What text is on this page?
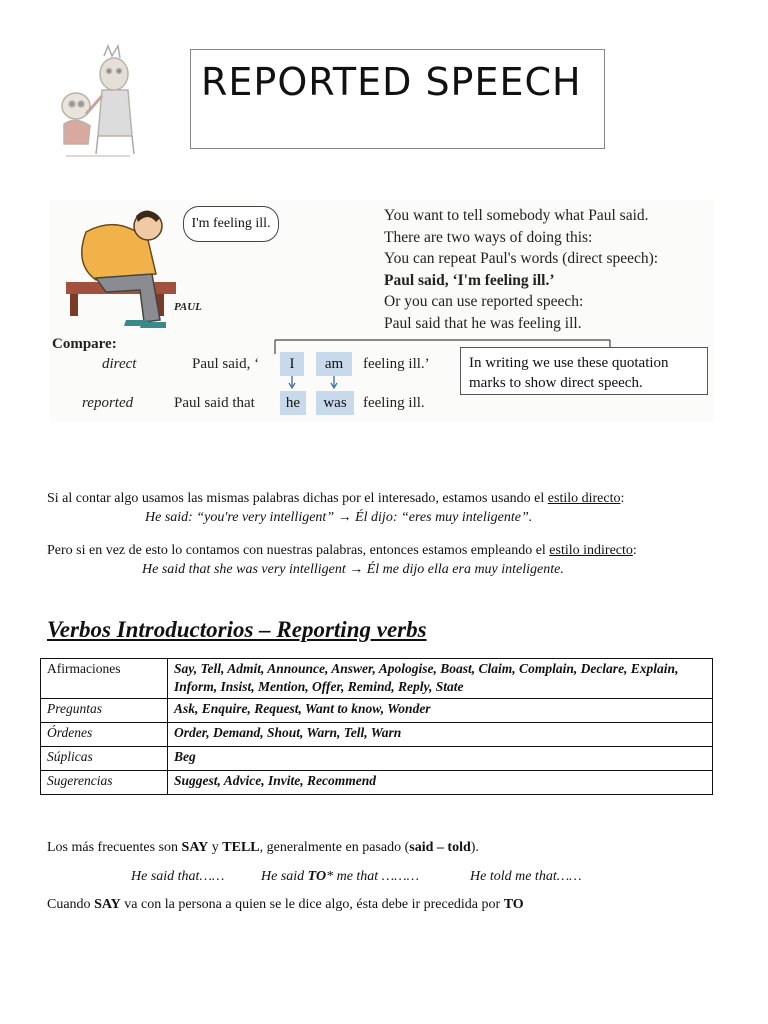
REPORTED SPEECH
I'm feeling ill.
PAUL
You want to tell somebody what Paul said.
There are two ways of doing this:
You can repeat Paul's words (direct speech):
Paul said, ‘I'm feeling ill.’
Or you can use reported speech:
Paul said that he was feeling ill.
Compare:
direct
reported
Paul said, ‘	I	am	feeling ill.’
Paul said that	he	was	feeling ill.
In writing we use these quotation marks to show direct speech.
Si al contar algo usamos las mismas palabras dichas por el interesado, estamos usando el estilo directo:
He said: “you're very intelligent” → Él dijo: “eres muy inteligente”.
Pero si en vez de esto lo contamos con nuestras palabras, entonces estamos empleando el estilo indirecto:
He said that she was very intelligent → Él me dijo ella era muy inteligente.
Verbos Introductorios – Reporting verbs
Afirmaciones	Say, Tell, Admit, Announce, Answer, Apologise, Boast, Claim, Complain, Declare, Explain, Inform, Insist, Mention, Offer, Remind, Reply, State
Preguntas	Ask, Enquire, Request, Want to know, Wonder
Órdenes	Order, Demand, Shout, Warn, Tell, Warn
Súplicas	Beg
Sugerencias	Suggest, Advice, Invite, Recommend
Los más frecuentes son SAY y TELL, generalmente en pasado (said – told).
He said that……	He said TO* me that ………	He told me that……
Cuando SAY va con la persona a quien se le dice algo, ésta debe ir precedida por TO
